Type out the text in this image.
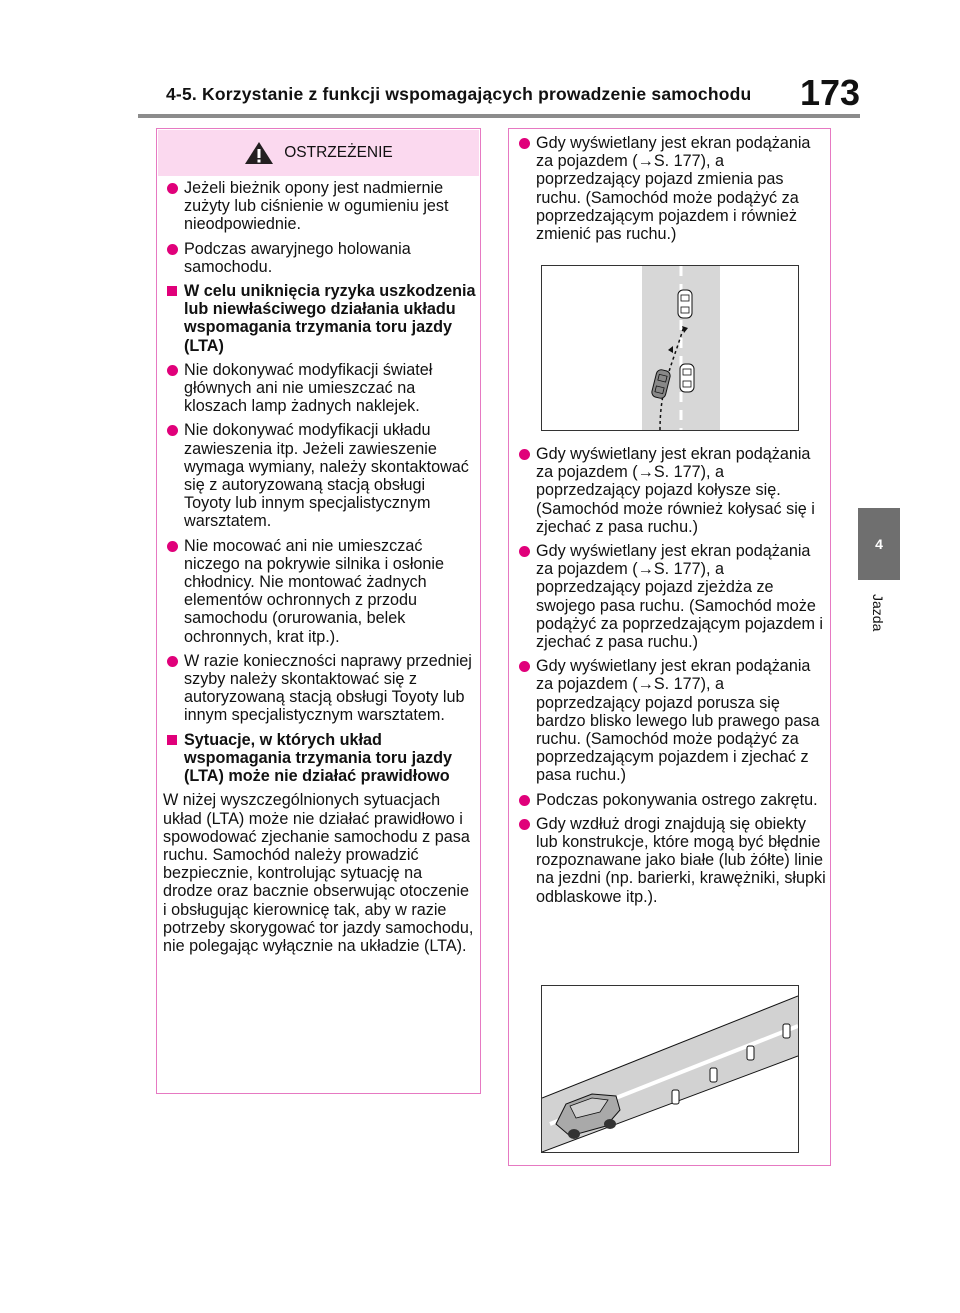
4-5. Korzystanie z funkcji wspomagających prowadzenie samochodu 173
4
Jazda
OSTRZEŻENIE
Jeżeli bieżnik opony jest nadmiernie zużyty lub ciśnienie w ogumieniu jest nieodpowiednie.
Podczas awaryjnego holowania samochodu.
W celu uniknięcia ryzyka uszkodzenia lub niewłaściwego działania układu wspomagania trzymania toru jazdy (LTA)
Nie dokonywać modyfikacji świateł głównych ani nie umieszczać na kloszach lamp żadnych naklejek.
Nie dokonywać modyfikacji układu zawieszenia itp. Jeżeli zawieszenie wymaga wymiany, należy skontaktować się z autoryzowaną stacją obsługi Toyoty lub innym specjalistycznym warsztatem.
Nie mocować ani nie umieszczać niczego na pokrywie silnika i osłonie chłodnicy. Nie montować żadnych elementów ochronnych z przodu samochodu (orurowania, belek ochronnych, krat itp.).
W razie konieczności naprawy przedniej szyby należy skontaktować się z autoryzowaną stacją obsługi Toyoty lub innym specjalistycznym warsztatem.
Sytuacje, w których układ wspomagania trzymania toru jazdy (LTA) może nie działać prawidłowo
W niżej wyszczególnionych sytuacjach układ (LTA) może nie działać prawidłowo i spowodować zjechanie samochodu z pasa ruchu. Samochód należy prowadzić bezpiecznie, kontrolując sytuację na drodze oraz bacznie obserwując otoczenie i obsługując kierownicę tak, aby w razie potrzeby skorygować tor jazdy samochodu, nie polegając wyłącznie na układzie (LTA).
Gdy wyświetlany jest ekran podążania za pojazdem (→S. 177), a poprzedzający pojazd zmienia pas ruchu. (Samochód może podążyć za poprzedzającym pojazdem i również zmienić pas ruchu.)
Gdy wyświetlany jest ekran podążania za pojazdem (→S. 177), a poprzedzający pojazd kołysze się. (Samochód może również kołysać się i zjechać z pasa ruchu.)
Gdy wyświetlany jest ekran podążania za pojazdem (→S. 177), a poprzedzający pojazd zjeżdża ze swojego pasa ruchu. (Samochód może podążyć za poprzedzającym pojazdem i zjechać z pasa ruchu.)
Gdy wyświetlany jest ekran podążania za pojazdem (→S. 177), a poprzedzający pojazd porusza się bardzo blisko lewego lub prawego pasa ruchu. (Samochód może podążyć za poprzedzającym pojazdem i zjechać z pasa ruchu.)
Podczas pokonywania ostrego zakrętu.
Gdy wzdłuż drogi znajdują się obiekty lub konstrukcje, które mogą być błędnie rozpoznawane jako białe (lub żółte) linie na jezdni (np. barierki, krawężniki, słupki odblaskowe itp.).
